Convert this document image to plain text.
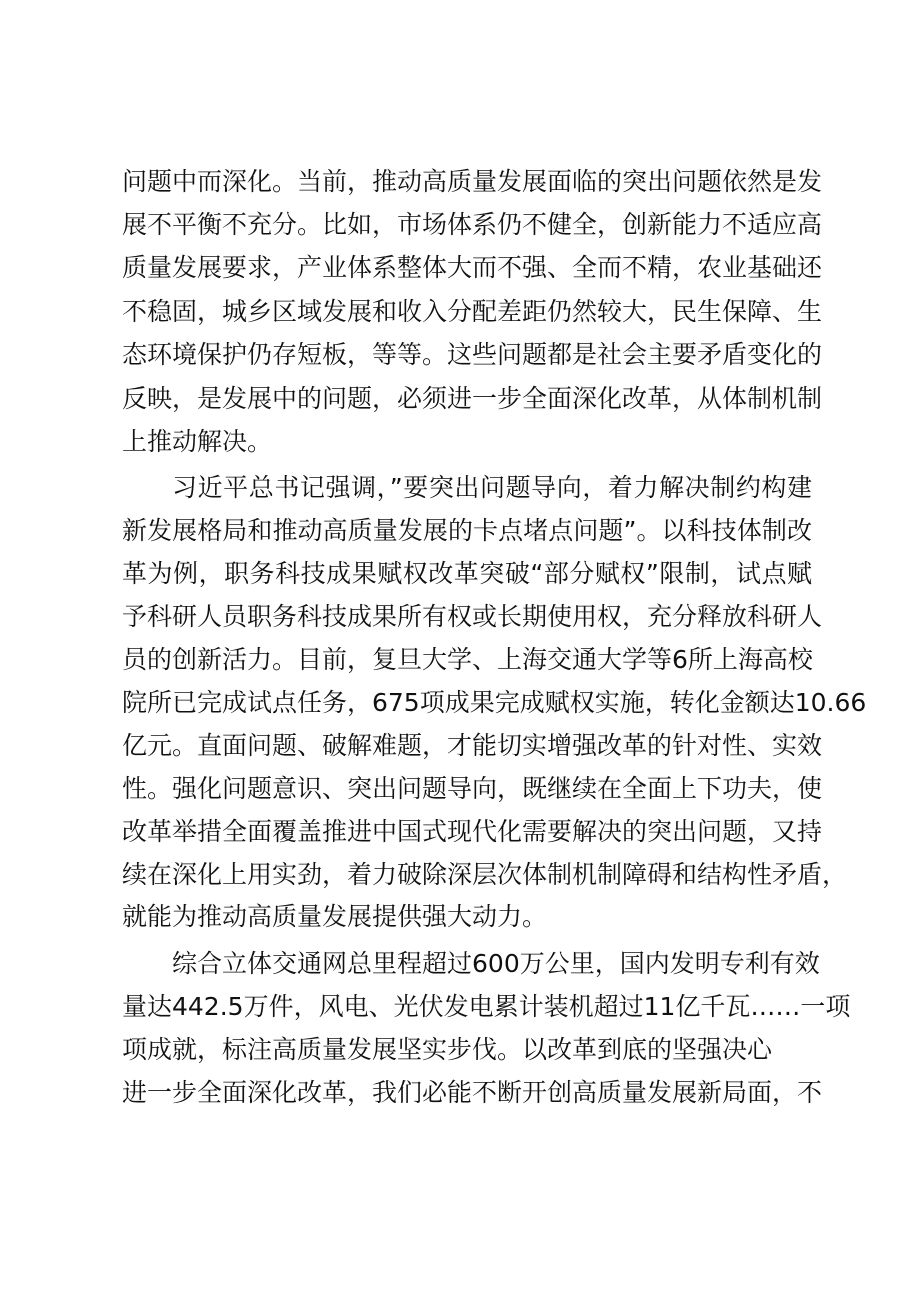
问题中而深化。当前，推动高质量发展面临的突出问题依然是发
展不平衡不充分。比如，市场体系仍不健全，创新能力不适应高
质量发展要求，产业体系整体大而不强、全而不精，农业基础还
不稳固，城乡区域发展和收入分配差距仍然较大，民生保障、生
态环境保护仍存短板，等等。这些问题都是社会主要矛盾变化的
反映，是发展中的问题，必须进一步全面深化改革，从体制机制
上推动解决。
习近平总书记强调，”要突出问题导向，着力解决制约构建
新发展格局和推动高质量发展的卡点堵点问题”。以科技体制改
革为例，职务科技成果赋权改革突破“部分赋权”限制，试点赋
予科研人员职务科技成果所有权或长期使用权，充分释放科研人
员的创新活力。目前，复旦大学、上海交通大学等6所上海高校
院所已完成试点任务，675项成果完成赋权实施，转化金额达10.66
亿元。直面问题、破解难题，才能切实增强改革的针对性、实效
性。强化问题意识、突出问题导向，既继续在全面上下功夫，使
改革举措全面覆盖推进中国式现代化需要解决的突出问题，又持
续在深化上用实劲，着力破除深层次体制机制障碍和结构性矛盾，
就能为推动高质量发展提供强大动力。
综合立体交通网总里程超过600万公里，国内发明专利有效
量达442.5万件，风电、光伏发电累计装机超过11亿千瓦……一项
项成就，标注高质量发展坚实步伐。以改革到底的坚强决心
进一步全面深化改革，我们必能不断开创高质量发展新局面，不
